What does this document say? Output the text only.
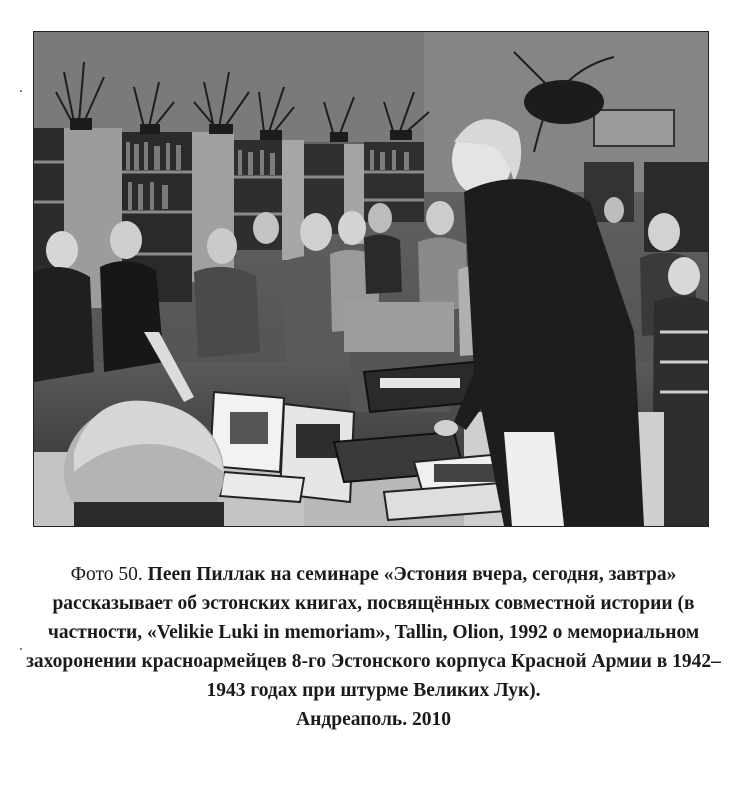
Фото 50. Пееп Пиллак на семинаре «Эстония вчера, сегодня, завтра» рассказывает об эстонских книгах, посвящённых совместной истории (в частности, «Velikie Luki in memoriam», Tallin, Olion, 1992 о мемориальном захоронении красноармейцев 8-го Эстонского корпуса Красной Армии в 1942–1943 годах при штурме Великих Лук).
Андреаполь. 2010
